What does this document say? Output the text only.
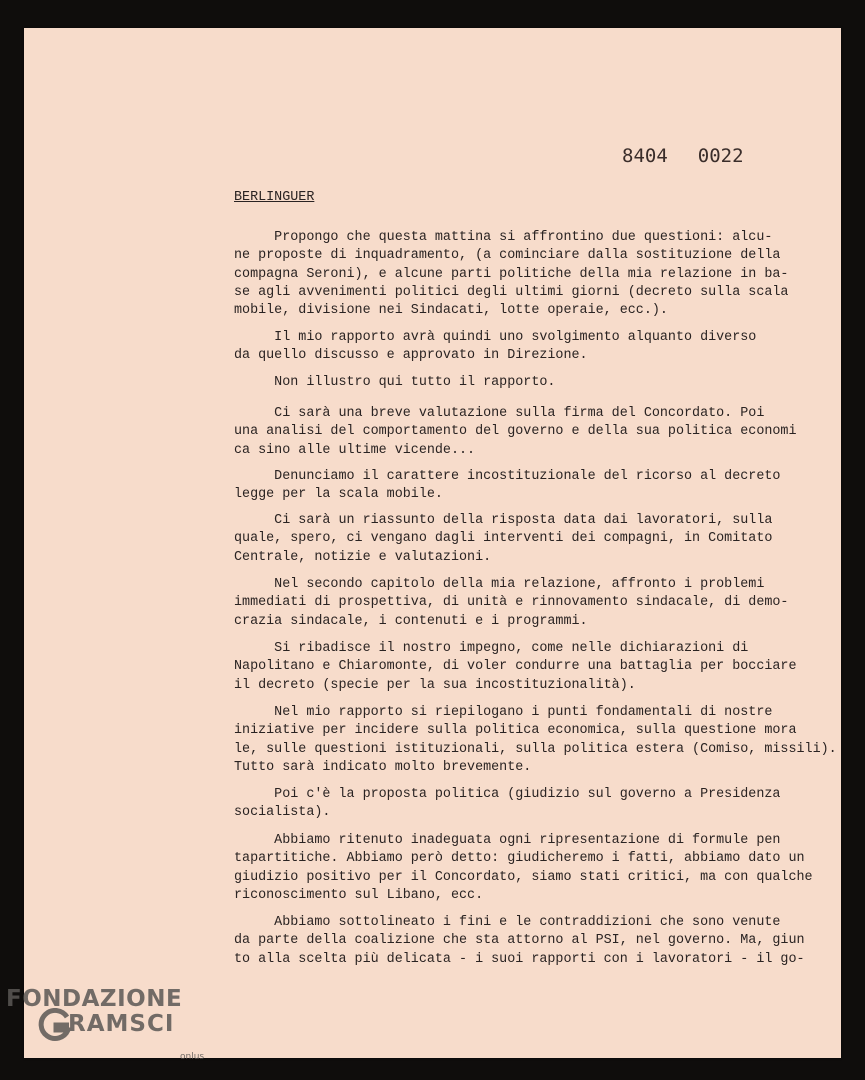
8404 0022
BERLINGUER
Propongo che questa mattina si affrontino due questioni: alcu-
ne proposte di inquadramento, (a cominciare dalla sostituzione della
compagna Seroni), e alcune parti politiche della mia relazione in ba-
se agli avvenimenti politici degli ultimi giorni (decreto sulla scala
mobile, divisione nei Sindacati, lotte operaie, ecc.).
Il mio rapporto avrà quindi uno svolgimento alquanto diverso
da quello discusso e approvato in Direzione.
Non illustro qui tutto il rapporto.
Ci sarà una breve valutazione sulla firma del Concordato. Poi
una analisi del comportamento del governo e della sua politica economi
ca sino alle ultime vicende...
Denunciamo il carattere incostituzionale del ricorso al decreto
legge per la scala mobile.
Ci sarà un riassunto della risposta data dai lavoratori, sulla
quale, spero, ci vengano dagli interventi dei compagni, in Comitato
Centrale, notizie e valutazioni.
Nel secondo capitolo della mia relazione, affronto i problemi
immediati di prospettiva, di unità e rinnovamento sindacale, di demo-
crazia sindacale, i contenuti e i programmi.
Si ribadisce il nostro impegno, come nelle dichiarazioni di
Napolitano e Chiaromonte, di voler condurre una battaglia per bocciare
il decreto (specie per la sua incostituzionalità).
Nel mio rapporto si riepilogano i punti fondamentali di nostre
iniziative per incidere sulla politica economica, sulla questione mora
le, sulle questioni istituzionali, sulla politica estera (Comiso, missili).
Tutto sarà indicato molto brevemente.
Poi c'è la proposta politica (giudizio sul governo a Presidenza
socialista).
Abbiamo ritenuto inadeguata ogni ripresentazione di formule pen
tapartitiche. Abbiamo però detto: giudicheremo i fatti, abbiamo dato un
giudizio positivo per il Concordato, siamo stati critici, ma con qualche
riconoscimento sul Libano, ecc.
Abbiamo sottolineato i fini e le contraddizioni che sono venute
da parte della coalizione che sta attorno al PSI, nel governo. Ma, giun
to alla scelta più delicata - i suoi rapporti con i lavoratori - il go-
FONDAZIONE
RAMSCI
onlus
